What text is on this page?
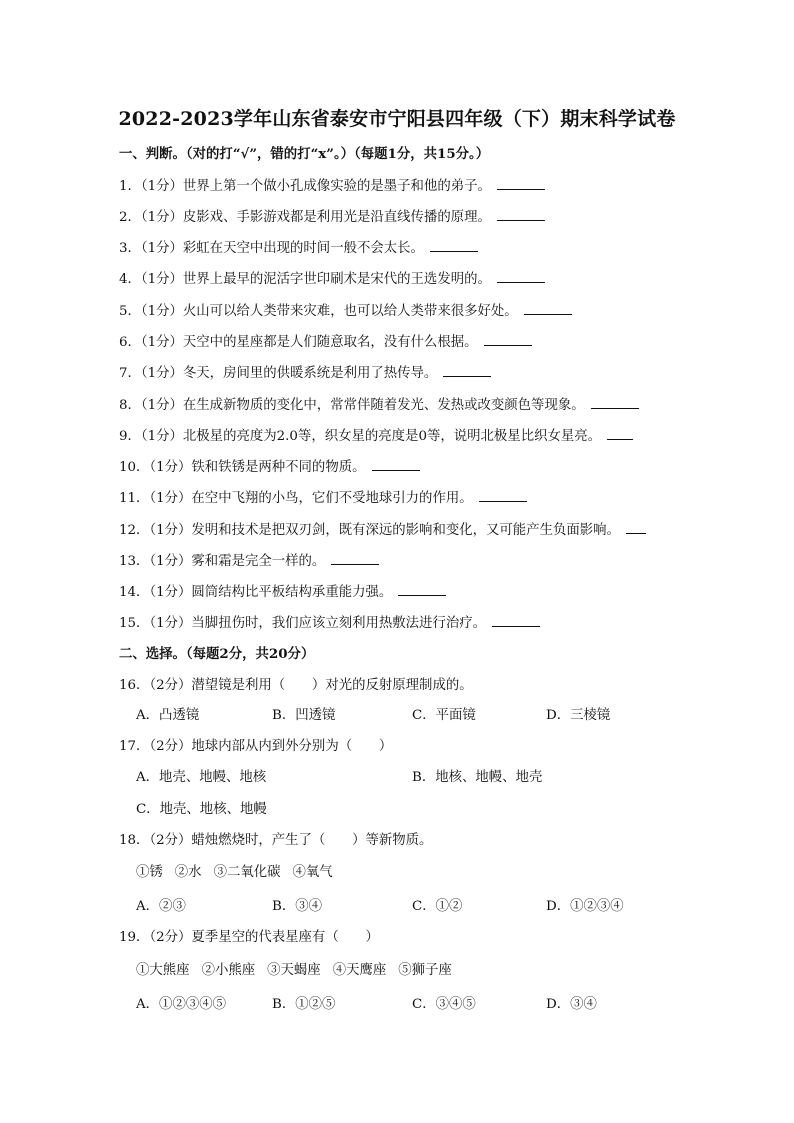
2022-2023学年山东省泰安市宁阳县四年级（下）期末科学试卷
一、判断。（对的打“√”，错的打“x”。）（每题1分，共15分。）
1．（1分）世界上第一个做小孔成像实验的是墨子和他的弟子。
2．（1分）皮影戏、手影游戏都是利用光是沿直线传播的原理。
3．（1分）彩虹在天空中出现的时间一般不会太长。
4．（1分）世界上最早的泥活字世印刷术是宋代的王选发明的。
5．（1分）火山可以给人类带来灾难，也可以给人类带来很多好处。
6．（1分）天空中的星座都是人们随意取名，没有什么根据。
7．（1分）冬天，房间里的供暖系统是利用了热传导。
8．（1分）在生成新物质的变化中，常常伴随着发光、发热或改变颜色等现象。
9．（1分）北极星的亮度为2.0等，织女星的亮度是0等，说明北极星比织女星亮。
10．（1分）铁和铁锈是两种不同的物质。
11．（1分）在空中飞翔的小鸟，它们不受地球引力的作用。
12．（1分）发明和技术是把双刃剑，既有深远的影响和变化，又可能产生负面影响。
13．（1分）雾和霜是完全一样的。
14．（1分）圆筒结构比平板结构承重能力强。
15．（1分）当脚扭伤时，我们应该立刻利用热敷法进行治疗。
二、选择。（每题2分，共20分）
16．（2分）潜望镜是利用（　　）对光的反射原理制成的。
A．凸透镜	B．凹透镜	C．平面镜	D．三棱镜
17．（2分）地球内部从内到外分别为（　　）
A．地壳、地幔、地核	B．地核、地幔、地壳
C．地壳、地核、地幔
18．（2分）蜡烛燃烧时，产生了（　　）等新物质。
①锈 ②水 ③二氧化碳 ④氧气
A．②③	B．③④	C．①②	D．①②③④
19．（2分）夏季星空的代表星座有（　　）
①大熊座 ②小熊座 ③天蝎座 ④天鹰座 ⑤狮子座
A．①②③④⑤	B．①②⑤	C．③④⑤	D．③④
